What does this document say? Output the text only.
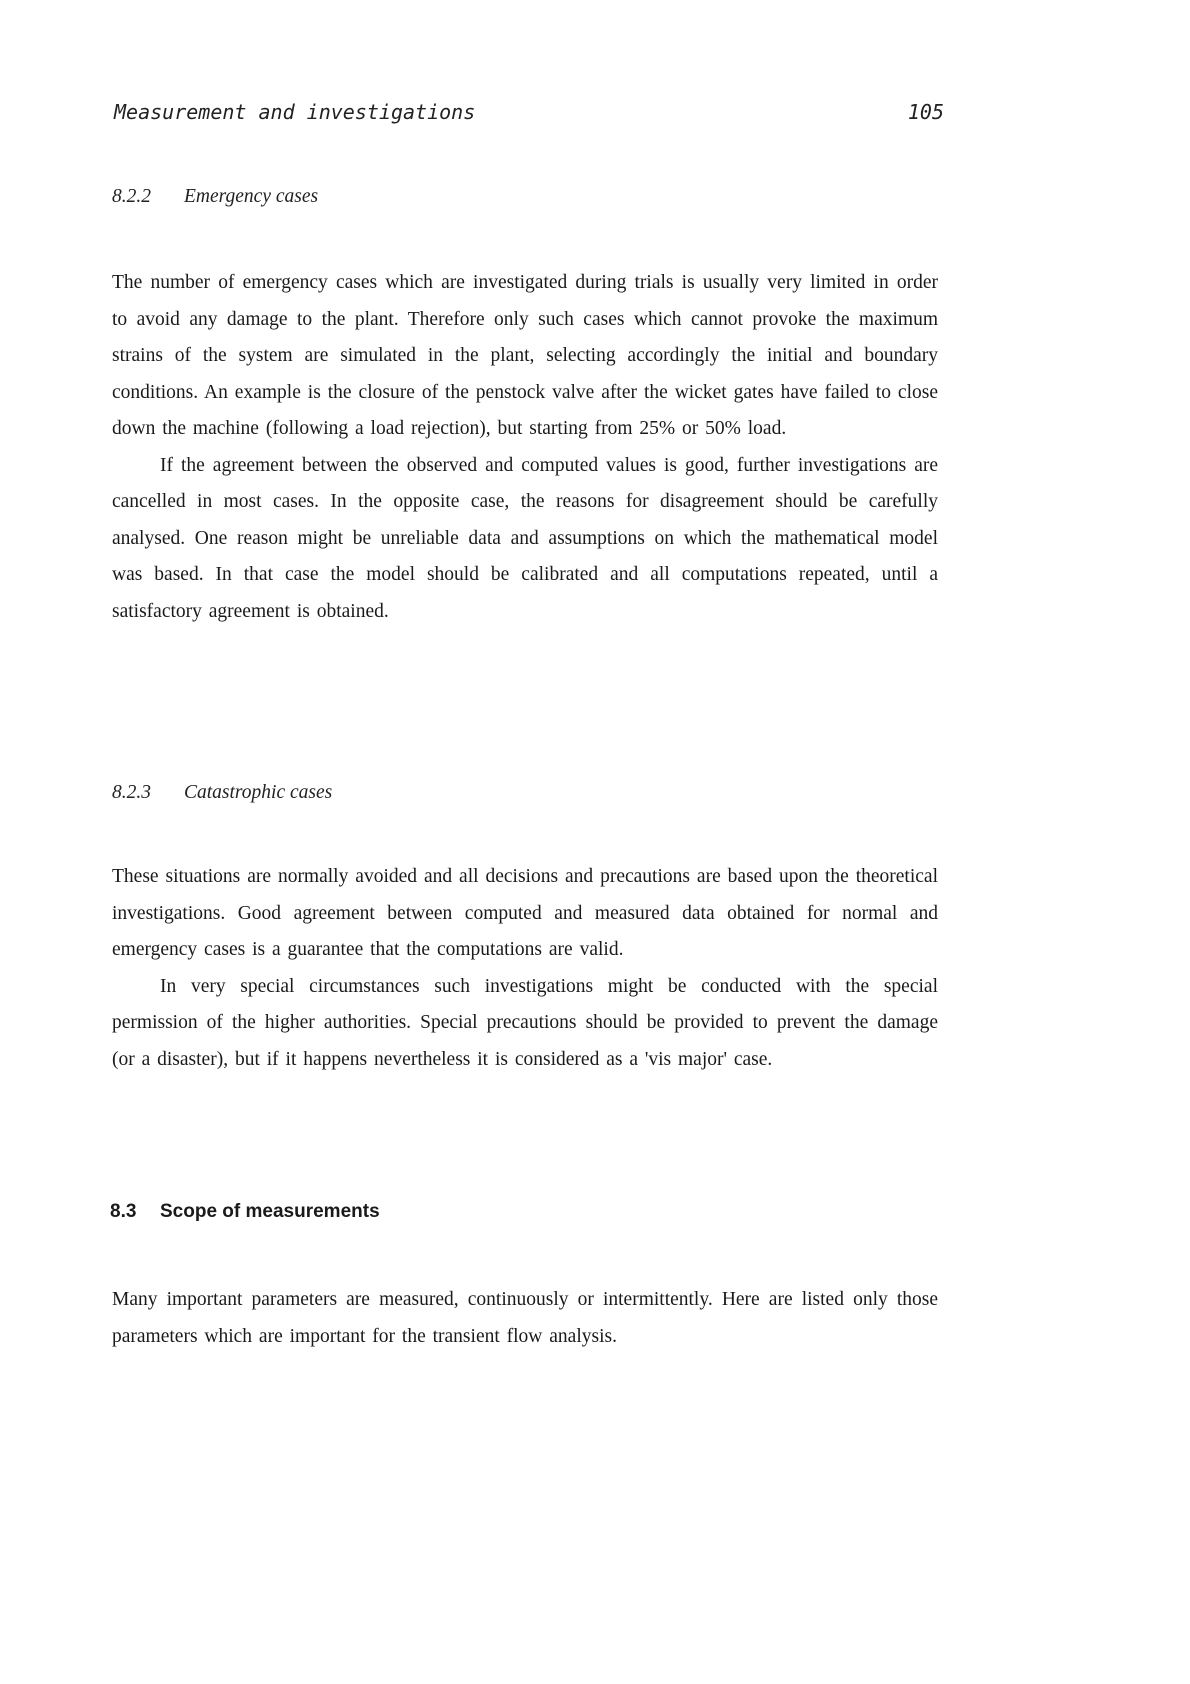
Measurement and investigations	105
8.2.2 Emergency cases

The number of emergency cases which are investigated during trials is usually very limited in order to avoid any damage to the plant. Therefore only such cases which cannot provoke the maximum strains of the system are simulated in the plant, selecting accordingly the initial and boundary conditions. An example is the closure of the penstock valve after the wicket gates have failed to close down the machine (following a load rejection), but starting from 25% or 50% load.

If the agreement between the observed and computed values is good, further investigations are cancelled in most cases. In the opposite case, the reasons for disagreement should be carefully analysed. One reason might be unreliable data and assumptions on which the mathematical model was based. In that case the model should be calibrated and all computations repeated, until a satisfactory agreement is obtained.

8.2.3 Catastrophic cases

These situations are normally avoided and all decisions and precautions are based upon the theoretical investigations. Good agreement between computed and measured data obtained for normal and emergency cases is a guarantee that the computations are valid.

In very special circumstances such investigations might be conducted with the special permission of the higher authorities. Special precautions should be provided to prevent the damage (or a disaster), but if it happens nevertheless it is considered as a 'vis major' case.

8.3 Scope of measurements

Many important parameters are measured, continuously or intermittently. Here are listed only those parameters which are important for the transient flow analysis.
